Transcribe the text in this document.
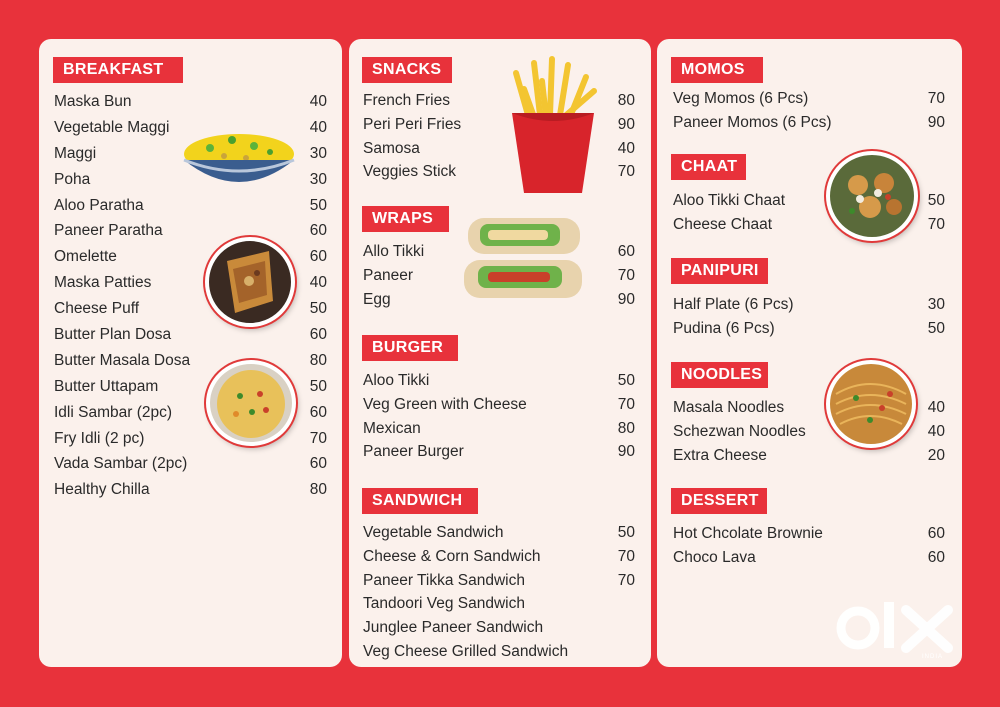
BREAKFAST
Maska Bun	40
Vegetable Maggi	40
Maggi	30
Poha	30
Aloo Paratha	50
Paneer Paratha	60
Omelette	60
Maska Patties	40
Cheese Puff	50
Butter Plan Dosa	60
Butter Masala Dosa	80
Butter Uttapam	50
Idli Sambar (2pc)	60
Fry Idli (2 pc)	70
Vada Sambar (2pc)	60
Healthy Chilla	80
SNACKS
French Fries	80
Peri Peri Fries	90
Samosa	40
Veggies Stick	70
WRAPS
Allo Tikki	60
Paneer	70
Egg	90
BURGER
Aloo Tikki	50
Veg Green with Cheese	70
Mexican	80
Paneer Burger	90
SANDWICH
Vegetable Sandwich	50
Cheese & Corn Sandwich	70
Paneer Tikka Sandwich	70
Tandoori Veg Sandwich
Junglee Paneer Sandwich
Veg Cheese Grilled Sandwich
MOMOS
Veg Momos (6 Pcs)	70
Paneer Momos (6 Pcs)	90
CHAAT
Aloo Tikki Chaat	50
Cheese Chaat	70
PANIPURI
Half Plate (6 Pcs)	30
Pudina (6 Pcs)	50
NOODLES
Masala Noodles	40
Schezwan Noodles	40
Extra Cheese	20
DESSERT
Hot Chcolate Brownie	60
Choco Lava	60
INDIA
